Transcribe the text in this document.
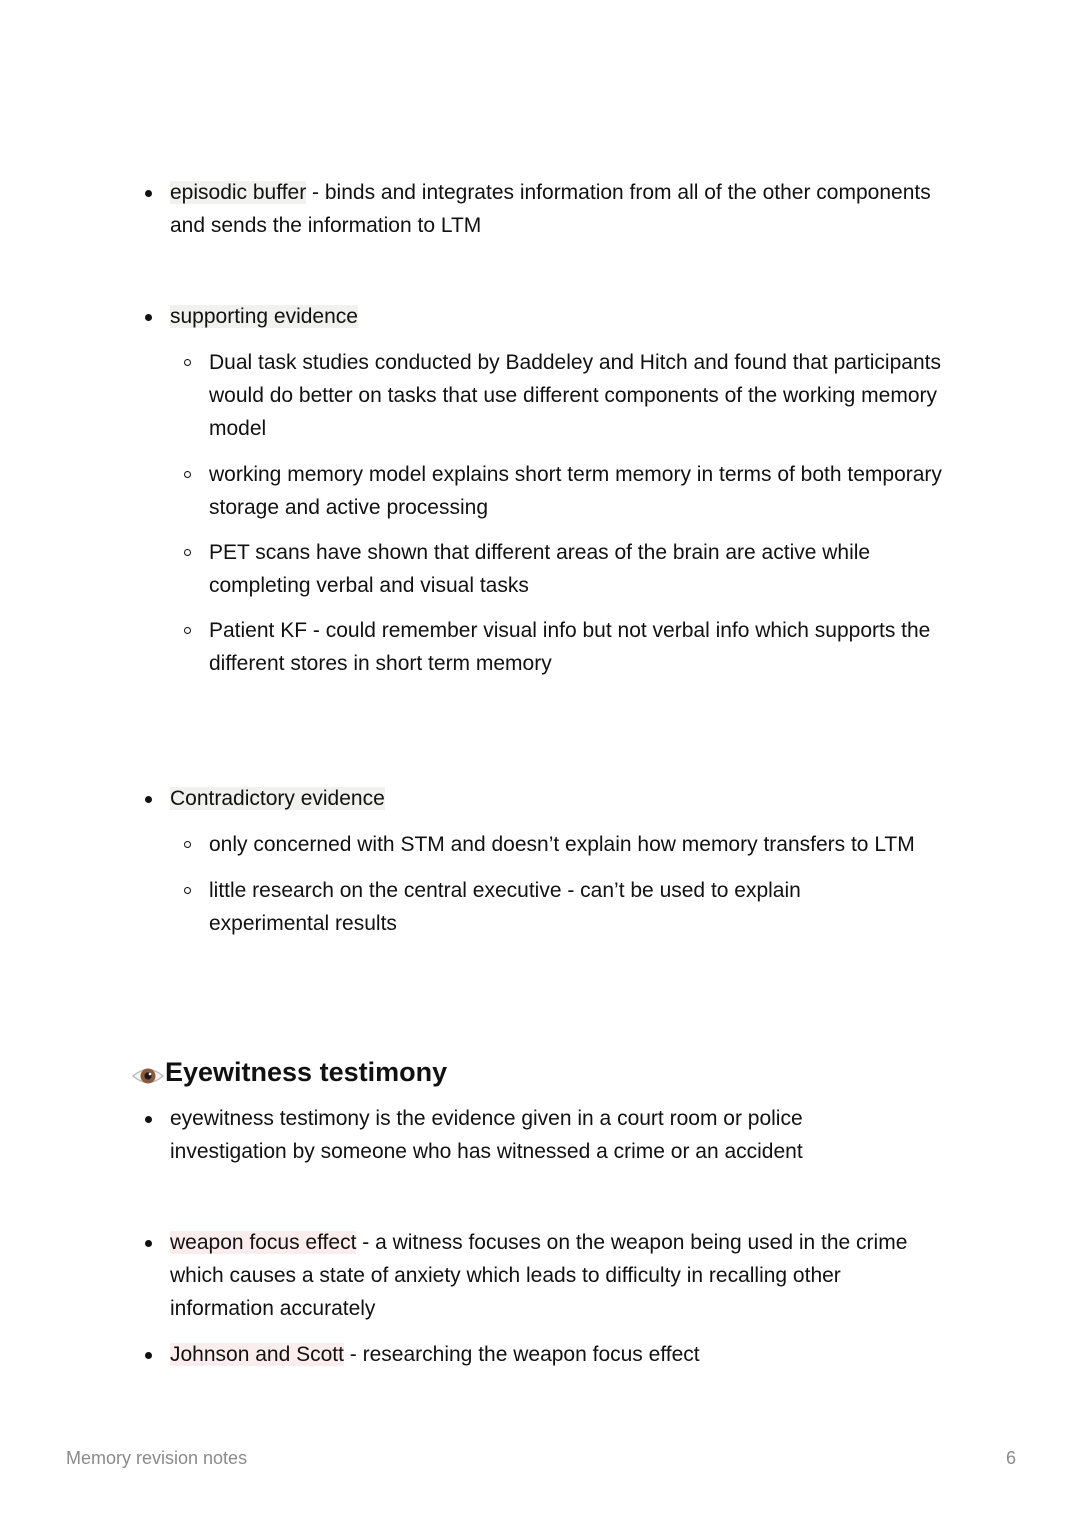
episodic buffer - binds and integrates information from all of the other components and sends the information to LTM
supporting evidence
Dual task studies conducted by Baddeley and Hitch and found that participants would do better on tasks that use different components of the working memory model
working memory model explains short term memory in terms of both temporary storage and active processing
PET scans have shown that different areas of the brain are active while completing verbal and visual tasks
Patient KF - could remember visual info but not verbal info which supports the different stores in short term memory
Contradictory evidence
only concerned with STM and doesn’t explain how memory transfers to LTM
little research on the central executive - can’t be used to explain experimental results
Eyewitness testimony
eyewitness testimony is the evidence given in a court room or police investigation by someone who has witnessed a crime or an accident
weapon focus effect - a witness focuses on the weapon being used in the crime which causes a state of anxiety which leads to difficulty in recalling other information accurately
Johnson and Scott - researching the weapon focus effect
Memory revision notes	6
